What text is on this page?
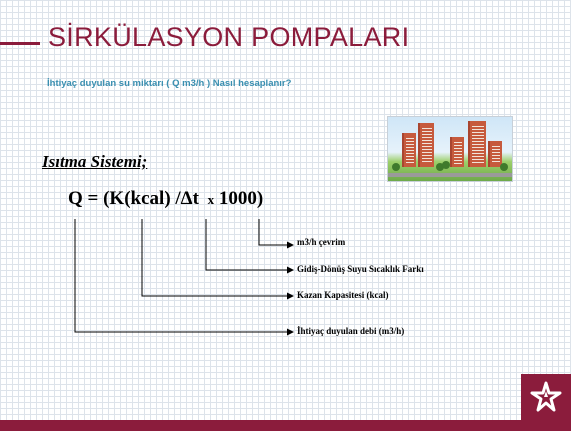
SİRKÜLASYON POMPALARI
İhtiyaç duyulan su miktarı ( Q m3/h ) Nasıl hesaplanır?
Isıtma Sistemi;
Q = (K(kcal) /Δt x 1000)
m3/h çevrim
Gidiş-Dönüş Suyu Sıcaklık Farkı
Kazan Kapasitesi (kcal)
İhtiyaç duyulan debi (m3/h)
